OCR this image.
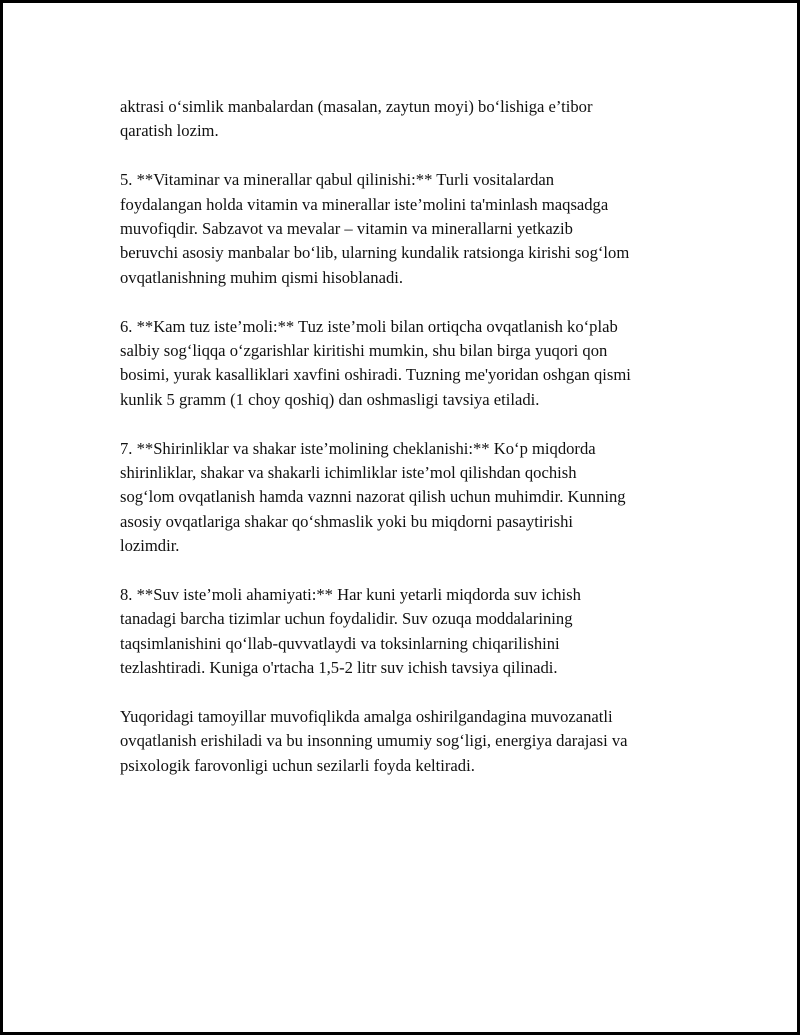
aktrasi o‘simlik manbalardan (masalan, zaytun moyi) bo‘lishiga e’tibor
qaratish lozim.

5. **Vitaminar va minerallar qabul qilinishi:** Turli vositalardan
foydalangan holda vitamin va minerallar iste’molini ta'minlash maqsadga
muvofiqdir. Sabzavot va mevalar – vitamin va minerallarni yetkazib
beruvchi asosiy manbalar bo‘lib, ularning kundalik ratsionga kirishi sog‘lom
ovqatlanishning muhim qismi hisoblanadi.

6. **Kam tuz iste’moli:** Tuz iste’moli bilan ortiqcha ovqatlanish ko‘plab
salbiy sog‘liqqa o‘zgarishlar kiritishi mumkin, shu bilan birga yuqori qon
bosimi, yurak kasalliklari xavfini oshiradi. Tuzning me'yoridan oshgan qismi
kunlik 5 gramm (1 choy qoshiq) dan oshmasligi tavsiya etiladi.

7. **Shirinliklar va shakar iste’molining cheklanishi:** Ko‘p miqdorda
shirinliklar, shakar va shakarli ichimliklar iste’mol qilishdan qochish
sog‘lom ovqatlanish hamda vaznni nazorat qilish uchun muhimdir. Kunning
asosiy ovqatlariga shakar qo‘shmaslik yoki bu miqdorni pasaytirishi
lozimdir.

8. **Suv iste’moli ahamiyati:** Har kuni yetarli miqdorda suv ichish
tanadagi barcha tizimlar uchun foydalidir. Suv ozuqa moddalarining
taqsimlanishini qo‘llab-quvvatlaydi va toksinlarning chiqarilishini
tezlashtiradi. Kuniga o'rtacha 1,5-2 litr suv ichish tavsiya qilinadi.

Yuqoridagi tamoyillar muvofiqlikda amalga oshirilgandagina muvozanatli
ovqatlanish erishiladi va bu insonning umumiy sog‘ligi, energiya darajasi va
psixologik farovonligi uchun sezilarli foyda keltiradi.
